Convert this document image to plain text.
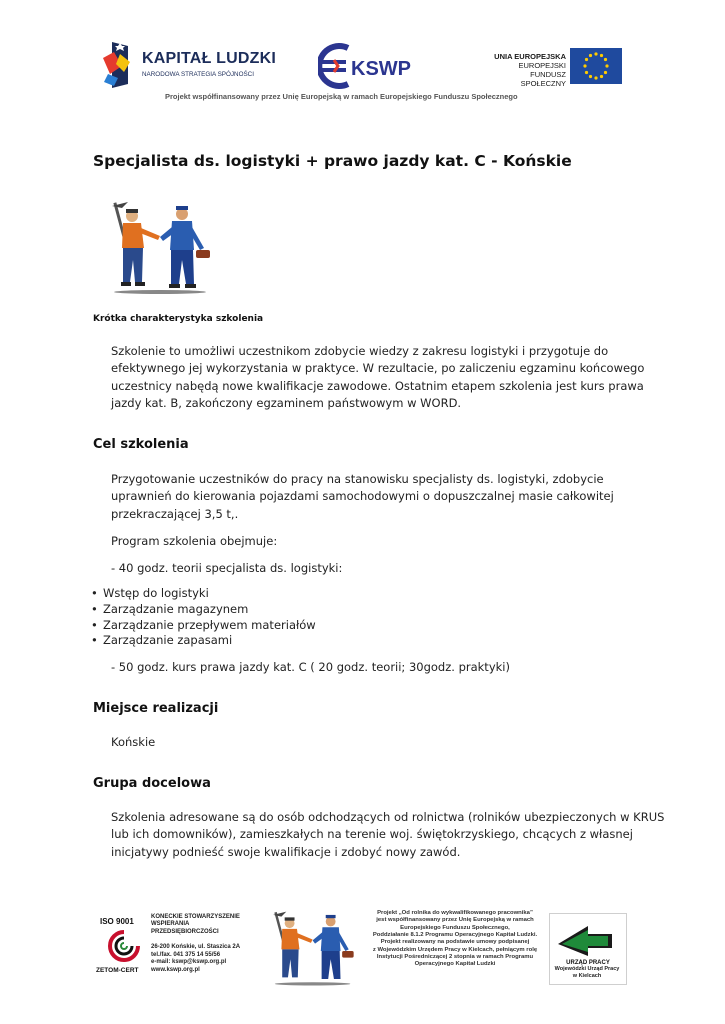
KAPITAŁ LUDZKI
NARODOWA STRATEGIA SPÓJNOŚCI	KSWP
UNIA EUROPEJSKA
EUROPEJSKI
FUNDUSZ SPOŁECZNY
Projekt współfinansowany przez Unię Europejską w ramach Europejskiego Funduszu Społecznego
Specjalista ds. logistyki + prawo jazdy kat. C - Końskie
Krótka charakterystyka szkolenia

Szkolenie to umożliwi uczestnikom zdobycie wiedzy z zakresu logistyki i przygotuje do
efektywnego jej wykorzystania w praktyce. W rezultacie, po zaliczeniu egzaminu końcowego
uczestnicy nabędą nowe kwalifikacje zawodowe. Ostatnim etapem szkolenia jest kurs prawa
jazdy kat. B, zakończony egzaminem państwowym w WORD.

Cel szkolenia

Przygotowanie uczestników do pracy na stanowisku specjalisty ds. logistyki, zdobycie
uprawnień do kierowania pojazdami samochodowymi o dopuszczalnej masie całkowitej
przekraczającej 3,5 t,.

Program szkolenia obejmuje:

- 40 godz. teorii specjalista ds. logistyki:

• Wstęp do logistyki
• Zarządzanie magazynem
• Zarządzanie przepływem materiałów
• Zarządzanie zapasami

- 50 godz. kurs prawa jazdy kat. C ( 20 godz. teorii; 30godz. praktyki)

Miejsce realizacji

Końskie

Grupa docelowa

Szkolenia adresowane są do osób odchodzących od rolnictwa (rolników ubezpieczonych w KRUS
lub ich domowników), zamieszkałych na terenie woj. świętokrzyskiego, chcących z własnej
inicjatywy podnieść swoje kwalifikacje i zdobyć nowy zawód.

ISO 9001
ZETOM-CERT
KONECKIE STOWARZYSZENIE
WSPIERANIA
PRZEDSIĘBIORCZOŚCI
26-200 Końskie, ul. Staszica 2A
tel./fax. 041 375 14 55/56
e-mail: kswp@kswp.org.pl
www.kswp.org.pl
Projekt „Od rolnika do wykwalifikowanego pracownika”
jest współfinansowany przez Unię Europejską w ramach
Europejskiego Funduszu Społecznego,
Poddziałanie 8.1.2 Programu Operacyjnego Kapitał Ludzki.
Projekt realizowany na podstawie umowy podpisanej
z Wojewódzkim Urzędem Pracy w Kielcach, pełniącym rolę
Instytucji Pośredniczącej 2 stopnia w ramach Programu
Operacyjnego Kapitał Ludzki	URZĄD PRACY
Wojewódzki Urząd Pracy
w Kielcach
